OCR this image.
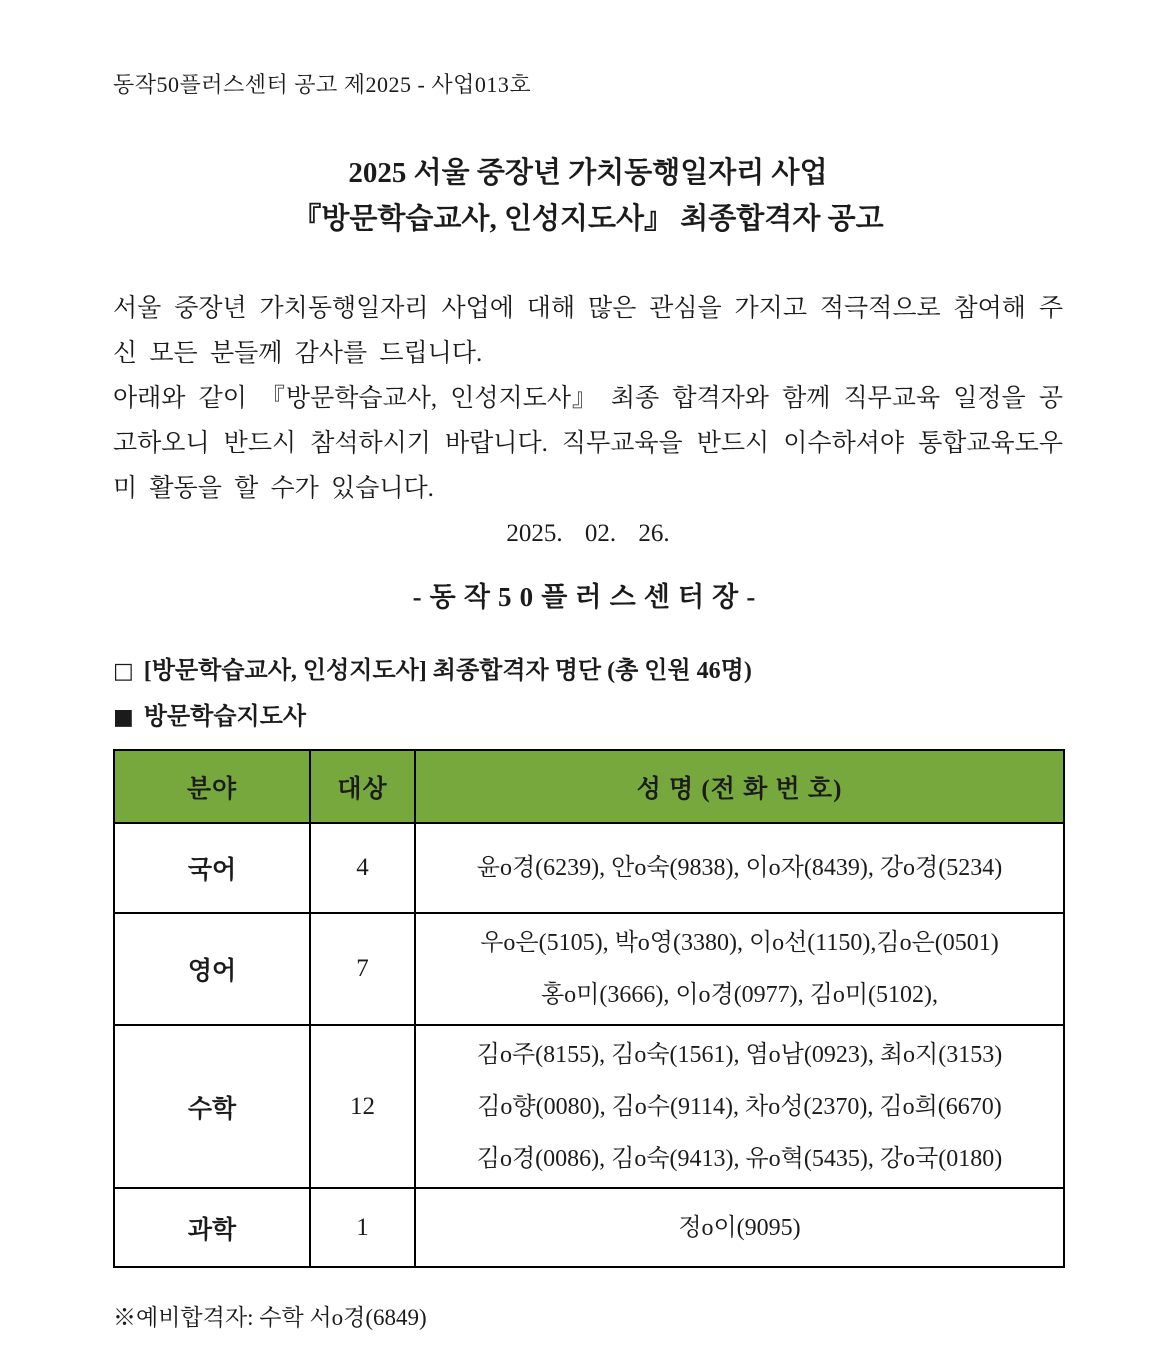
동작50플러스센터 공고 제2025 - 사업013호
2025 서울 중장년 가치동행일자리 사업
『방문학습교사, 인성지도사』 최종합격자 공고

서울 중장년 가치동행일자리 사업에 대해 많은 관심을 가지고 적극적으로 참여해 주신 모든 분들께 감사를 드립니다.

아래와 같이 『방문학습교사, 인성지도사』 최종 합격자와 함께 직무교육 일정을 공고하오니 반드시 참석하시기 바랍니다. 직무교육을 반드시 이수하셔야 통합교육도우미 활동을 할 수가 있습니다.

2025. 02. 26.
-동작50플러스센터장-
□ [방문학습교사, 인성지도사] 최종합격자 명단 (총 인원 46명)
■ 방문학습지도사
분야	대상	성 명 (전 화 번 호)
국어	4	윤o경(6239), 안o숙(9838), 이o자(8439), 강o경(5234)

영어	7	우o은(5105), 박o영(3380), 이o선(1150),김o은(0501)
홍o미(3666), 이o경(0977), 김o미(5102),

수학	12	김o주(8155), 김o숙(1561), 염o남(0923), 최o지(3153)
김o향(0080), 김o수(9114), 차o성(2370), 김o희(6670)
김o경(0086), 김o숙(9413), 유o혁(5435), 강o국(0180)

과학	1	정o이(9095)
※예비합격자: 수학 서o경(6849)
